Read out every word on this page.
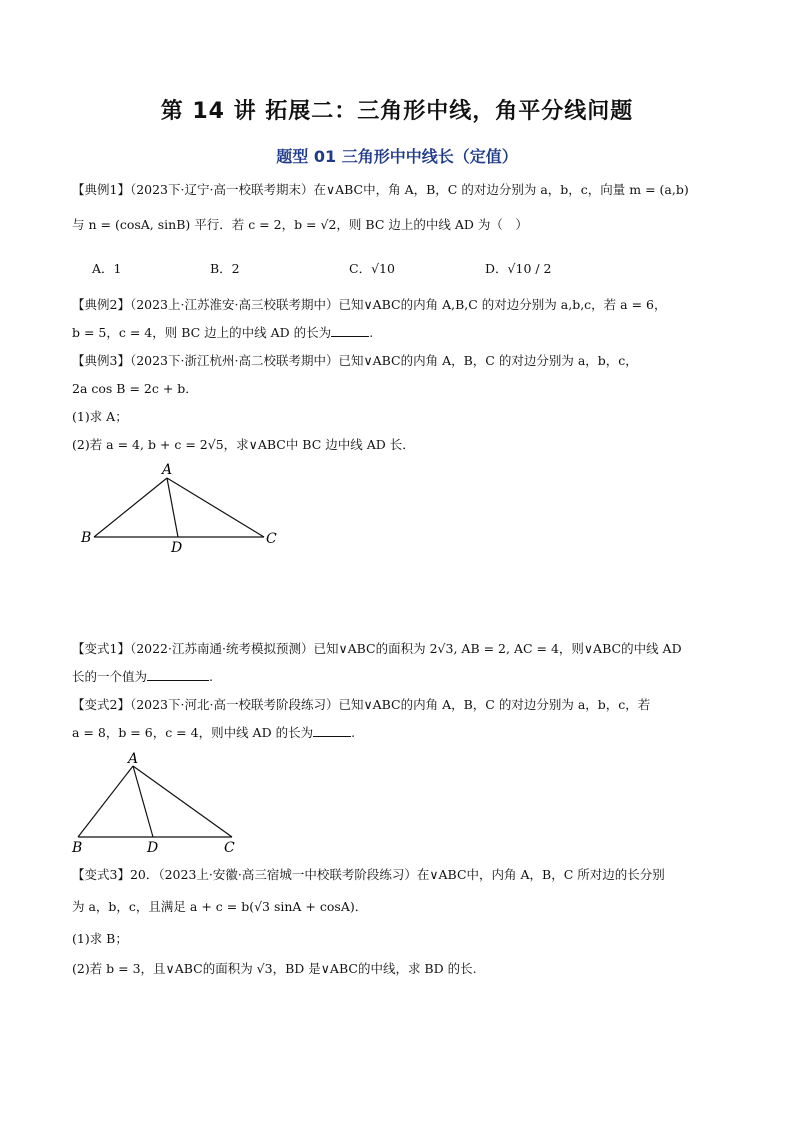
第 14 讲 拓展二：三角形中线，角平分线问题
题型 01 三角形中中线长（定值）
【典例1】（2023下·辽宁·高一校联考期末）在∨ABC中，角 A，B，C 的对边分别为 a，b，c，向量 m = (a,b)
与 n = (cosA, sinB) 平行．若 c = 2，b = √2，则 BC 边上的中线 AD 为（　）
A．1	B．2	C．√10	D．√10 / 2
【典例2】（2023上·江苏淮安·高三校联考期中）已知∨ABC的内角 A,B,C 的对边分别为 a,b,c，若 a = 6，
b = 5，c = 4，则 BC 边上的中线 AD 的长为	.
【典例3】（2023下·浙江杭州·高二校联考期中）已知∨ABC的内角 A，B，C 的对边分别为 a，b，c，
2a cos B = 2c + b．
(1)求 A；
(2)若 a = 4, b + c = 2√5，求∨ABC中 BC 边中线 AD 长．
A
B	C
D
【变式1】（2022·江苏南通·统考模拟预测）已知∨ABC的面积为 2√3, AB = 2, AC = 4，则∨ABC的中线 AD
长的一个值为	.
【变式2】（2023下·河北·高一校联考阶段练习）已知∨ABC的内角 A，B，C 的对边分别为 a，b，c，若
a = 8，b = 6，c = 4，则中线 AD 的长为	.
A
B	C
D
【变式3】20．（2023上·安徽·高三宿城一中校联考阶段练习）在∨ABC中，内角 A，B，C 所对边的长分别
为 a，b，c，且满足 a + c = b(√3 sinA + cosA)．
(1)求 B；
(2)若 b = 3，且∨ABC的面积为 √3，BD 是∨ABC的中线，求 BD 的长.
